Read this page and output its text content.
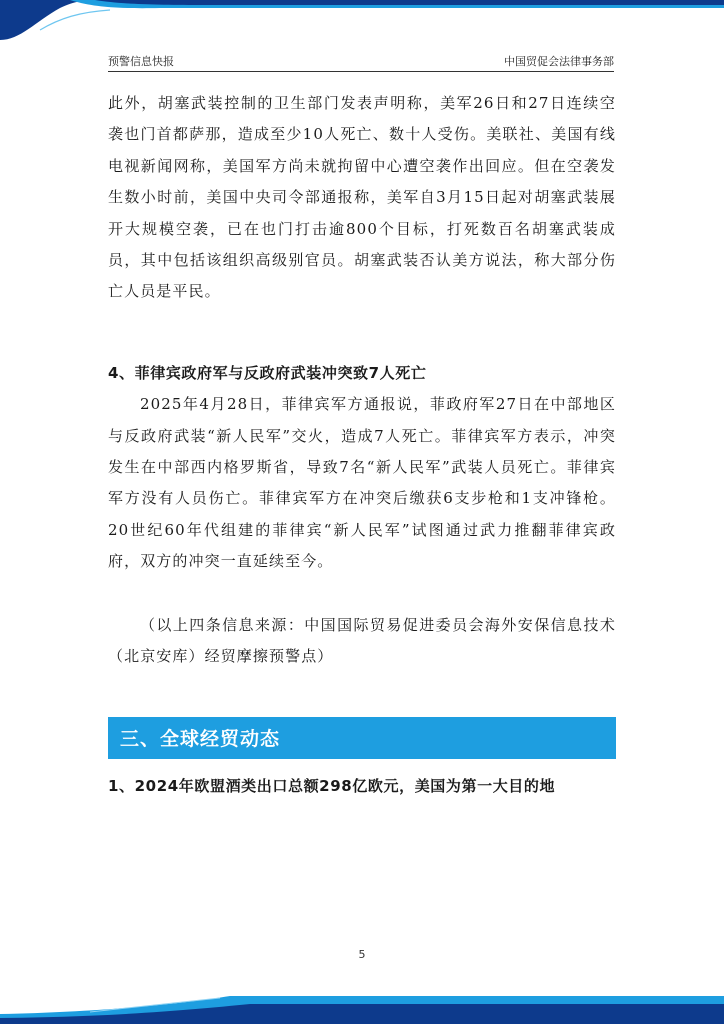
预警信息快报	中国贸促会法律事务部

此外，胡塞武装控制的卫生部门发表声明称，美军26日和27日连续空袭也门首都萨那，造成至少10人死亡、数十人受伤。美联社、美国有线电视新闻网称，美国军方尚未就拘留中心遭空袭作出回应。但在空袭发生数小时前，美国中央司令部通报称，美军自3月15日起对胡塞武装展开大规模空袭，已在也门打击逾800个目标，打死数百名胡塞武装成员，其中包括该组织高级别官员。胡塞武装否认美方说法，称大部分伤亡人员是平民。

4、菲律宾政府军与反政府武装冲突致7人死亡

2025年4月28日，菲律宾军方通报说，菲政府军27日在中部地区与反政府武装“新人民军”交火，造成7人死亡。菲律宾军方表示，冲突发生在中部西内格罗斯省，导致7名“新人民军”武装人员死亡。菲律宾军方没有人员伤亡。菲律宾军方在冲突后缴获6支步枪和1支冲锋枪。20世纪60年代组建的菲律宾“新人民军”试图通过武力推翻菲律宾政府，双方的冲突一直延续至今。

（以上四条信息来源：中国国际贸易促进委员会海外安保信息技术（北京安库）经贸摩擦预警点）

三、全球经贸动态
1、2024年欧盟酒类出口总额298亿欧元，美国为第一大目的地
5
